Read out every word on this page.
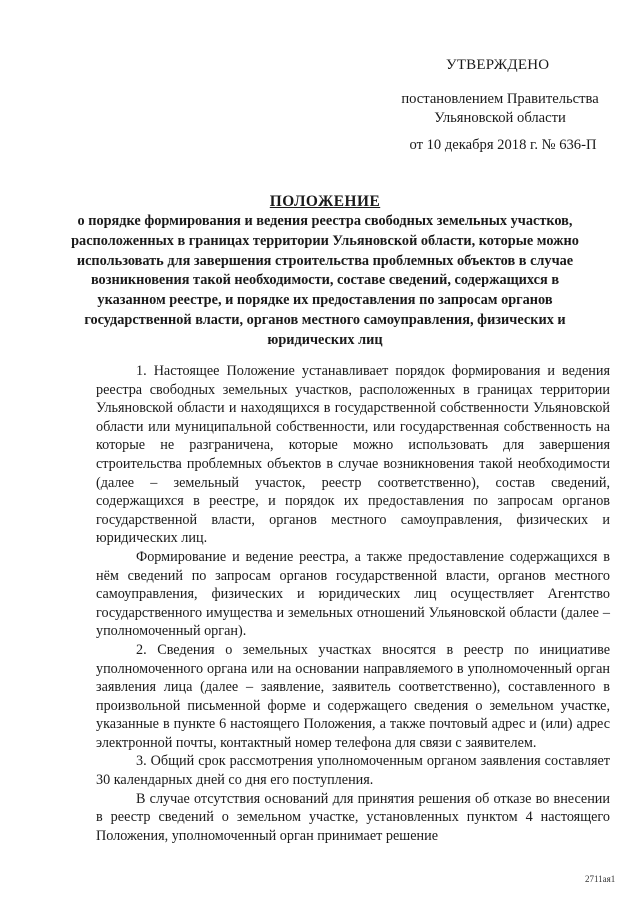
УТВЕРЖДЕНО
постановлением Правительства
Ульяновской области
от 10 декабря 2018 г. № 636-П
ПОЛОЖЕНИЕ
о порядке формирования и ведения реестра свободных земельных участков, расположенных в границах территории Ульяновской области, которые можно использовать для завершения строительства проблемных объектов в случае возникновения такой необходимости, составе сведений, содержащихся в указанном реестре, и порядке их предоставления по запросам органов государственной власти, органов местного самоуправления, физических и юридических лиц

1. Настоящее Положение устанавливает порядок формирования и ведения реестра свободных земельных участков, расположенных в границах территории Ульяновской области и находящихся в государственной собственности Ульяновской области или муниципальной собственности, или государственная собственность на которые не разграничена, которые можно использовать для завершения строительства проблемных объектов в случае возникновения такой необходимости (далее – земельный участок, реестр соответственно), состав сведений, содержащихся в реестре, и порядок их предоставления по запросам органов государственной власти, органов местного самоуправления, физических и юридических лиц.

Формирование и ведение реестра, а также предоставление содержащихся в нём сведений по запросам органов государственной власти, органов местного самоуправления, физических и юридических лиц осуществляет Агентство государственного имущества и земельных отношений Ульяновской области (далее – уполномоченный орган).

2. Сведения о земельных участках вносятся в реестр по инициативе уполномоченного органа или на основании направляемого в уполномоченный орган заявления лица (далее – заявление, заявитель соответственно), составленного в произвольной письменной форме и содержащего сведения о земельном участке, указанные в пункте 6 настоящего Положения, а также почтовый адрес и (или) адрес электронной почты, контактный номер телефона для связи с заявителем.

3. Общий срок рассмотрения уполномоченным органом заявления составляет 30 календарных дней со дня его поступления.

В случае отсутствия оснований для принятия решения об отказе во внесении в реестр сведений о земельном участке, установленных пунктом 4 настоящего Положения, уполномоченный орган принимает решение

2711ая1
